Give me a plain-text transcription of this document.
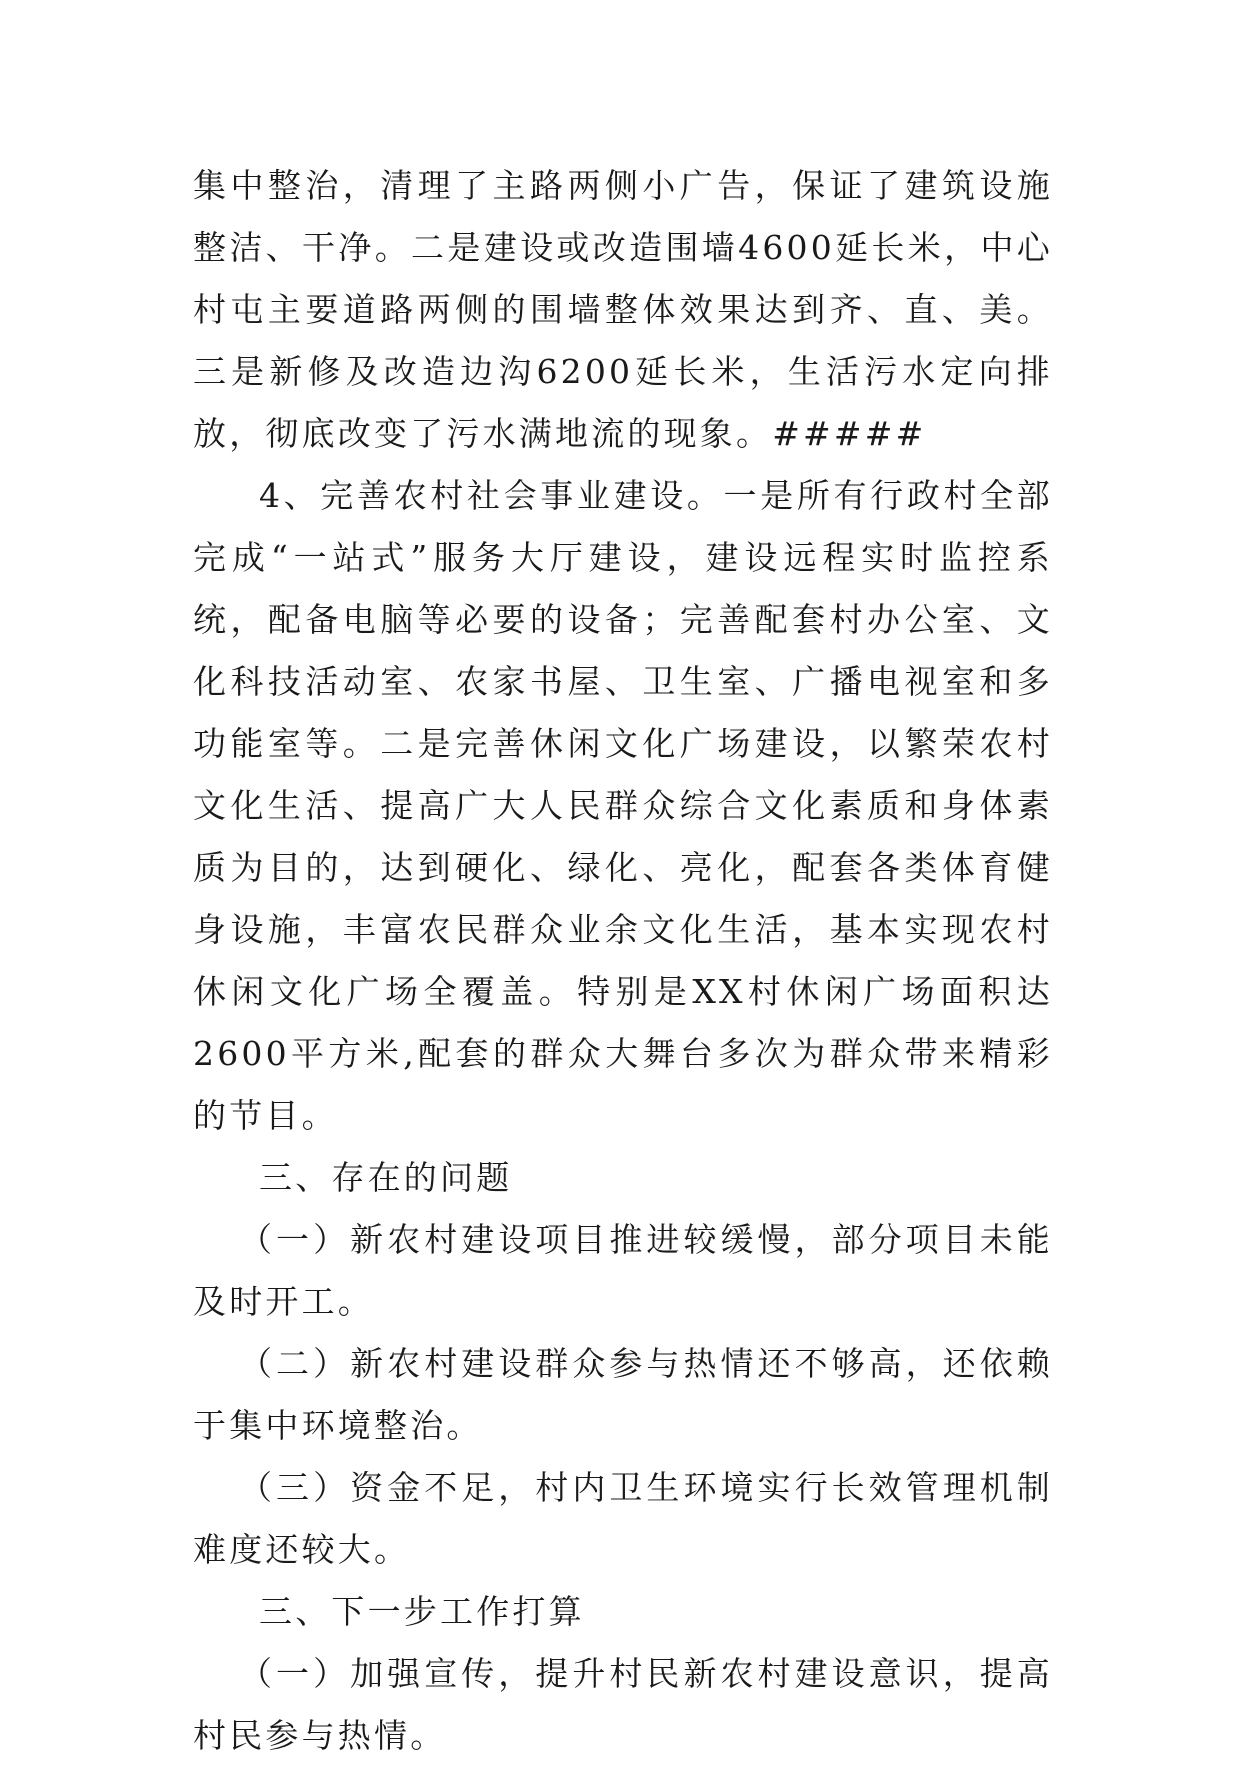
集中整治，清理了主路两侧小广告，保证了建筑设施整洁、干净。二是建设或改造围墙4600延长米，中心村屯主要道路两侧的围墙整体效果达到齐、直、美。三是新修及改造边沟6200延长米，生活污水定向排放，彻底改变了污水满地流的现象。#####

4、完善农村社会事业建设。一是所有行政村全部完成“一站式”服务大厅建设，建设远程实时监控系统，配备电脑等必要的设备；完善配套村办公室、文化科技活动室、农家书屋、卫生室、广播电视室和多功能室等。二是完善休闲文化广场建设，以繁荣农村文化生活、提高广大人民群众综合文化素质和身体素质为目的，达到硬化、绿化、亮化，配套各类体育健身设施，丰富农民群众业余文化生活，基本实现农村休闲文化广场全覆盖。特别是XX村休闲广场面积达2600平方米,配套的群众大舞台多次为群众带来精彩的节目。

三、存在的问题

（一）新农村建设项目推进较缓慢，部分项目未能及时开工。

（二）新农村建设群众参与热情还不够高，还依赖于集中环境整治。

（三）资金不足，村内卫生环境实行长效管理机制难度还较大。

三、下一步工作打算

（一）加强宣传，提升村民新农村建设意识，提高村民参与热情。
